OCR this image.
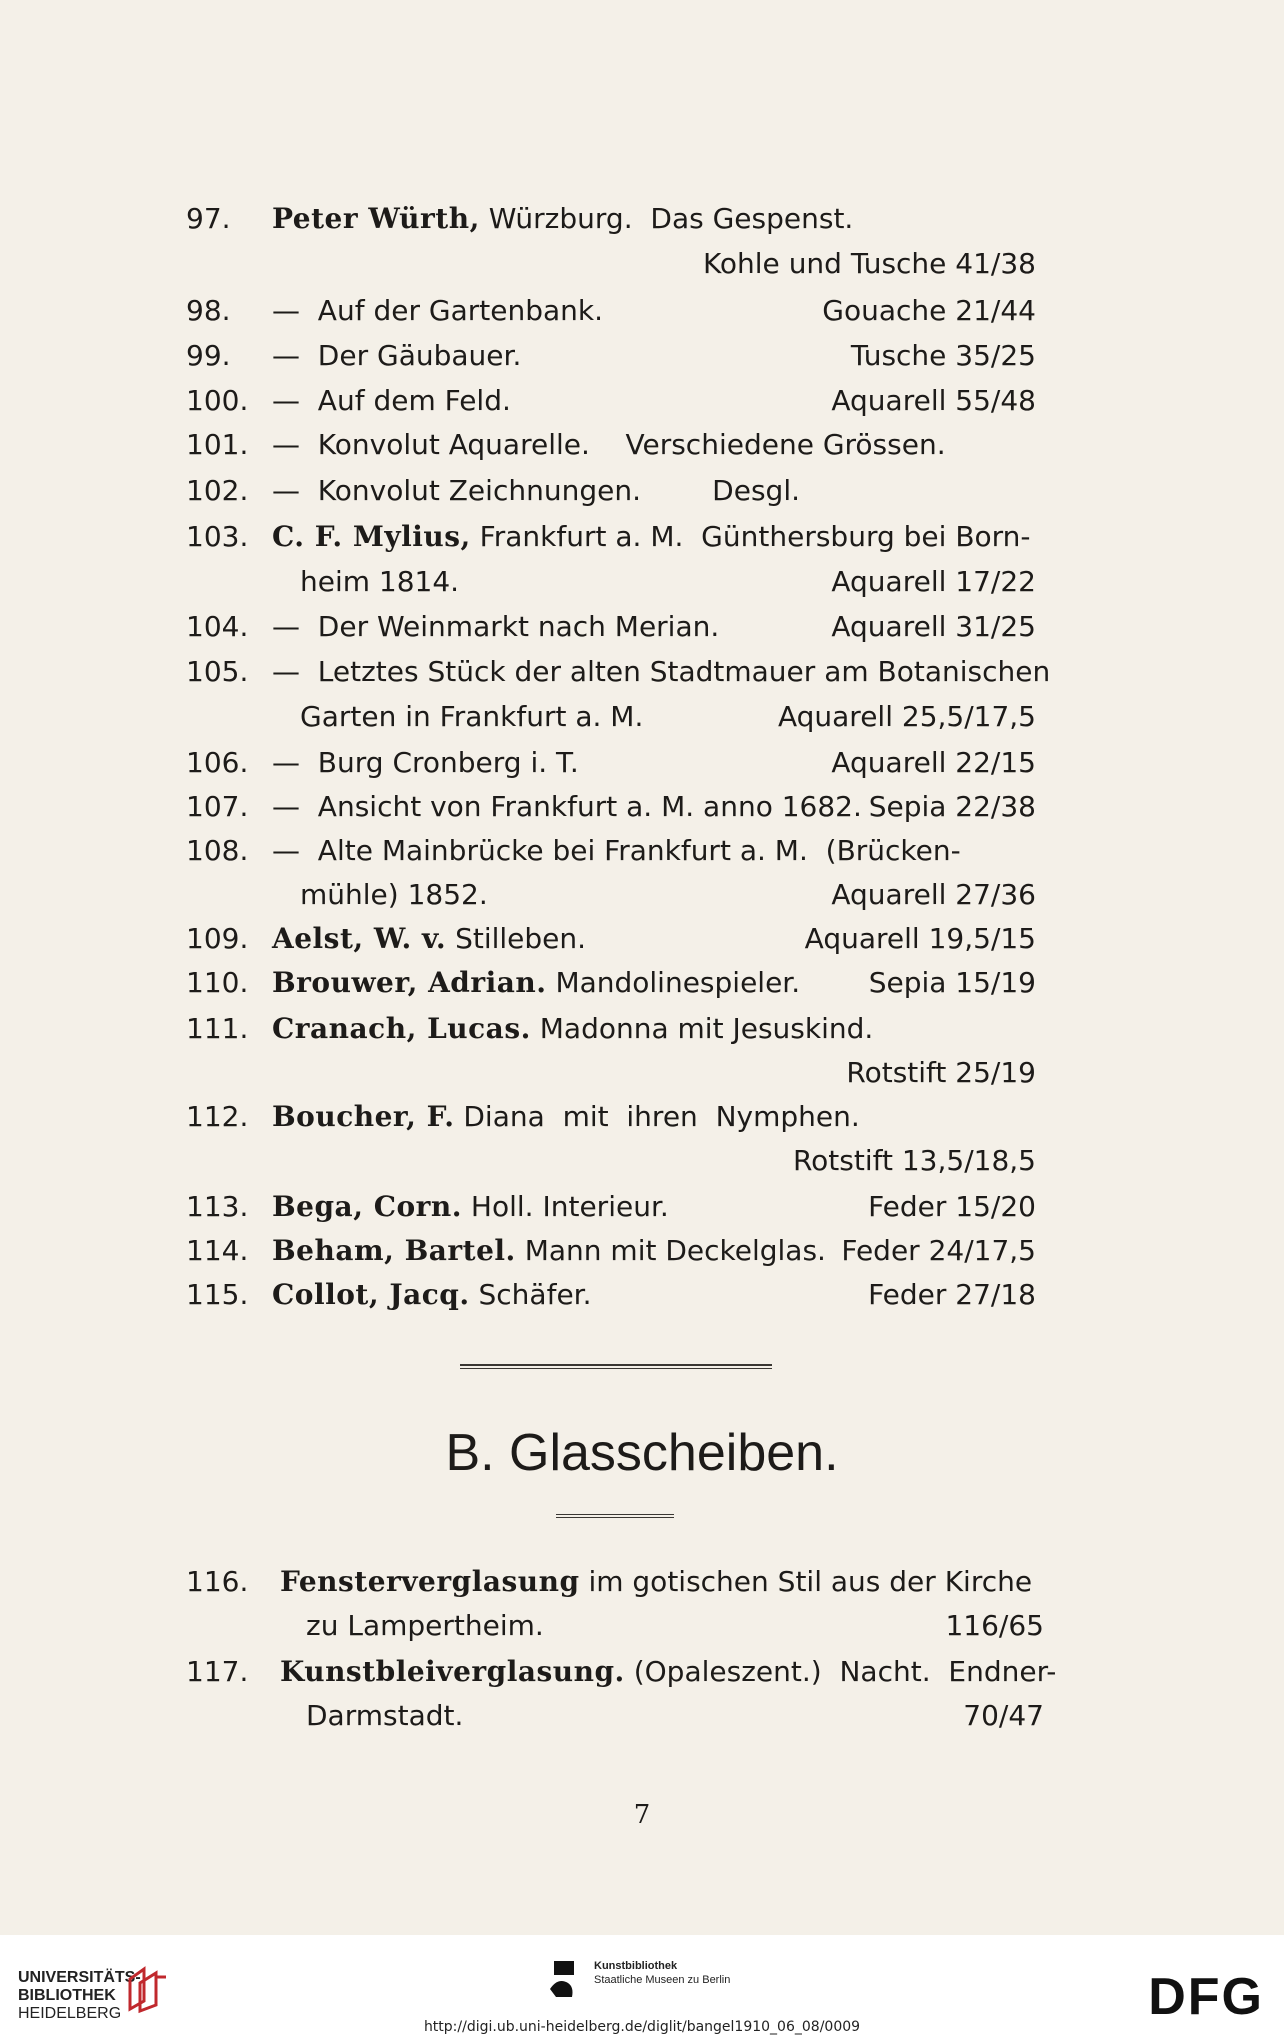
97. Peter Würth, Würzburg.  Das Gespenst.
Kohle und Tusche 41/38
98. —  Auf der Gartenbank.	Gouache 21/44
99. —  Der Gäubauer.	Tusche 35/25
100. —  Auf dem Feld.	Aquarell 55/48
101. —  Konvolut Aquarelle.    Verschiedene Grössen.
102. —  Konvolut Zeichnungen.        Desgl.
103. C. F. Mylius, Frankfurt a. M.  Günthersburg bei Born-
heim 1814.	Aquarell 17/22
104. —  Der Weinmarkt nach Merian.	Aquarell 31/25
105. —  Letztes Stück der alten Stadtmauer am Botanischen
Garten in Frankfurt a. M.	Aquarell 25,5/17,5
106. —  Burg Cronberg i. T.	Aquarell 22/15
107. —  Ansicht von Frankfurt a. M. anno 1682. Sepia 22/38
108. —  Alte Mainbrücke bei Frankfurt a. M.  (Brücken-
mühle) 1852.	Aquarell 27/36
109. Aelst, W. v. Stilleben.	Aquarell 19,5/15
110. Brouwer, Adrian. Mandolinespieler. Sepia 15/19
111. Cranach, Lucas. Madonna mit Jesuskind.
Rotstift 25/19
112. Boucher, F. Diana  mit  ihren  Nymphen.
Rotstift 13,5/18,5
113. Bega, Corn. Holl. Interieur.	Feder 15/20
114. Beham, Bartel. Mann mit Deckelglas. Feder 24/17,5
115. Collot, Jacq. Schäfer.	Feder 27/18
B. Glasscheiben.
116. Fensterverglasung im gotischen Stil aus der Kirche
zu Lampertheim.	116/65
117. Kunstbleiverglasung. (Opaleszent.)  Nacht.  Endner-
Darmstadt.	70/47
7
UNIVERSITÄTS-
BIBLIOTHEK
HEIDELBERG
Kunstbibliothek
Staatliche Museen zu Berlin	DFG
http://digi.ub.uni-heidelberg.de/diglit/bangel1910_06_08/0009
